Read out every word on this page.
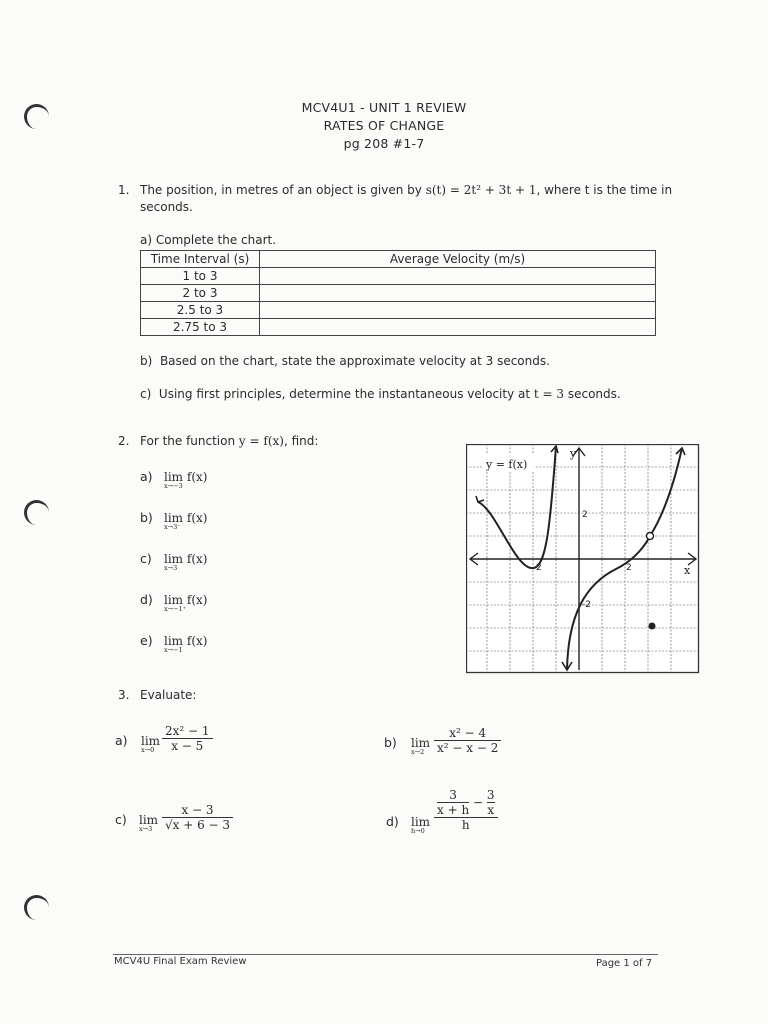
MCV4U1 - UNIT 1 REVIEW
RATES OF CHANGE
pg 208 #1-7
1. The position, in metres of an object is given by s(t) = 2t² + 3t + 1, where t is the time in
seconds.
a) Complete the chart.
Time Interval (s)	Average Velocity (m/s)
1 to 3	
2 to 3	
2.5 to 3	
2.75 to 3	
b) Based on the chart, state the approximate velocity at 3 seconds.
c) Using first principles, determine the instantaneous velocity at t = 3 seconds.
2. For the function y = f(x), find:
a) lim f(x)
x→−3
b) lim f(x)
x→3⁻
c) lim f(x)
x→3
d) lim f(x)
x→−1⁺
e) lim f(x)
x→−1
y = f(x)
y
x
2
-2
2	2
3. Evaluate:
a) lim
$x\to 0 \frac{\text{2x² − 1}}{x - 5}$	b) lim
$x\to 2 \frac{\text{x² − 4}}{\text{x² − x − 2}}$
c) lim
$x\to 3 \frac{x - 3}{√x + 6 - 3}$	d) lim
$h\to 0 \frac{\frac{3}{x + h} - \frac{3}{x}}{h}$
MCV4U Final Exam Review	Page 1 of 7
